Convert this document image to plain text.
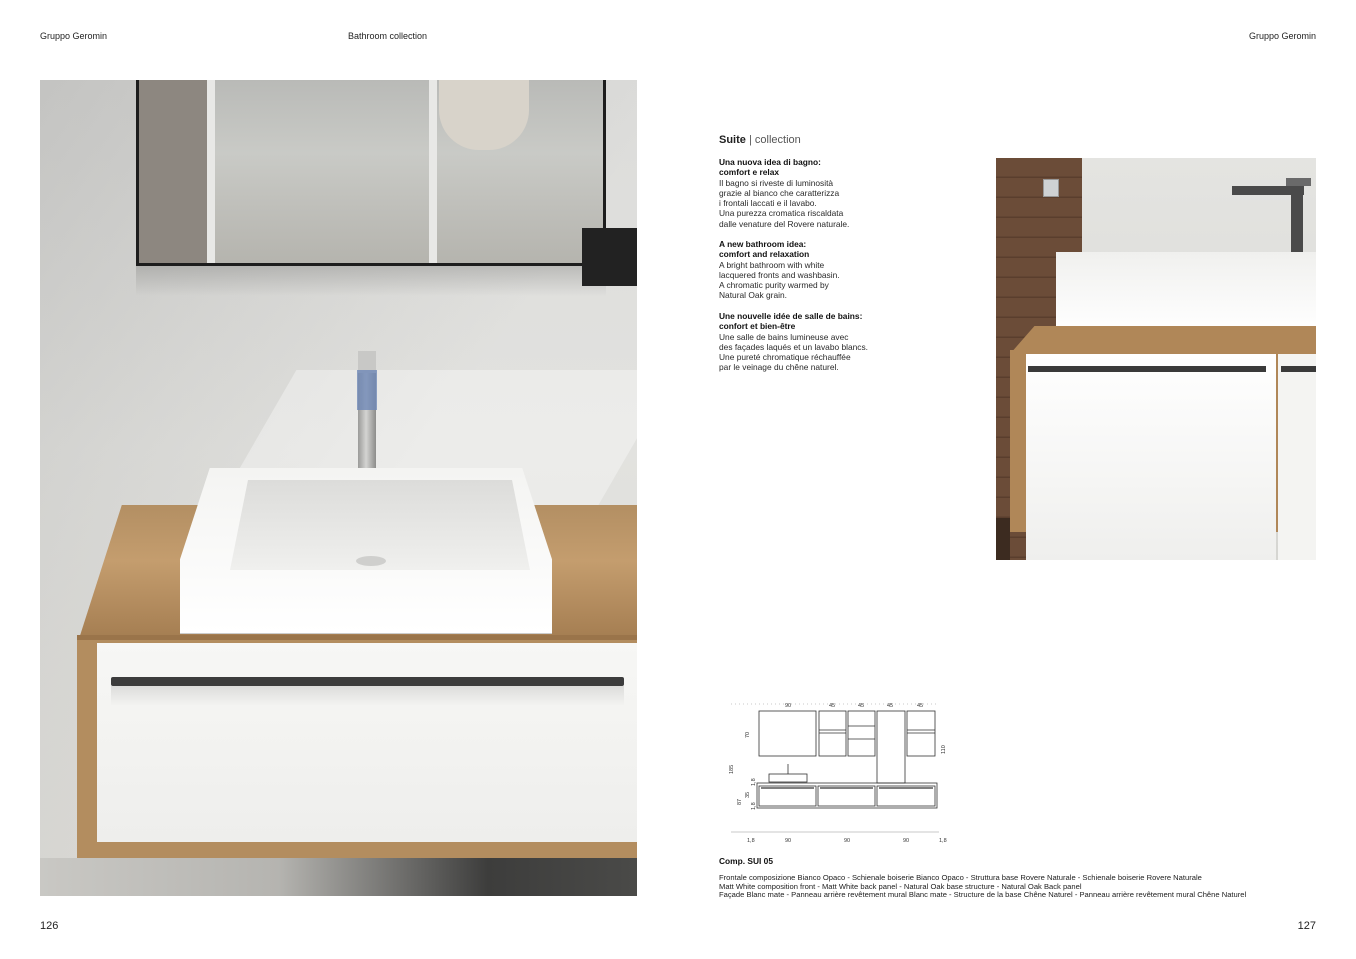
Gruppo Geromin	Bathroom collection	Gruppo Geromin
Suite | collection
Una nuova idea di bagno:
comfort e relax
Il bagno si riveste di luminosità
grazie al bianco che caratterizza
i frontali laccati e il lavabo.
Una purezza cromatica riscaldata
dalle venature del Rovere naturale.
A new bathroom idea:
comfort and relaxation
A bright bathroom with white
lacquered fronts and washbasin.
A chromatic purity warmed by
Natural Oak grain.
Une nouvelle idée de salle de bains:
confort et bien-être
Une salle de bains lumineuse avec
des façades laqués et un lavabo blancs.
Une pureté chromatique réchauffée
par le veinage du chêne naturel.
90	45	45	45	45
1,8	90	90	90	1,8
70
185
1,8
35
87
1,8
110
Comp. SUI 05
Frontale composizione Bianco Opaco - Schienale boiserie Bianco Opaco - Struttura base Rovere Naturale - Schienale boiserie Rovere Naturale
Matt White composition front - Matt White back panel - Natural Oak base structure - Natural Oak Back panel
Façade Blanc mate - Panneau arrière revêtement mural Blanc mate - Structure de la base Chêne Naturel - Panneau arrière revêtement mural Chêne Naturel
126	127
